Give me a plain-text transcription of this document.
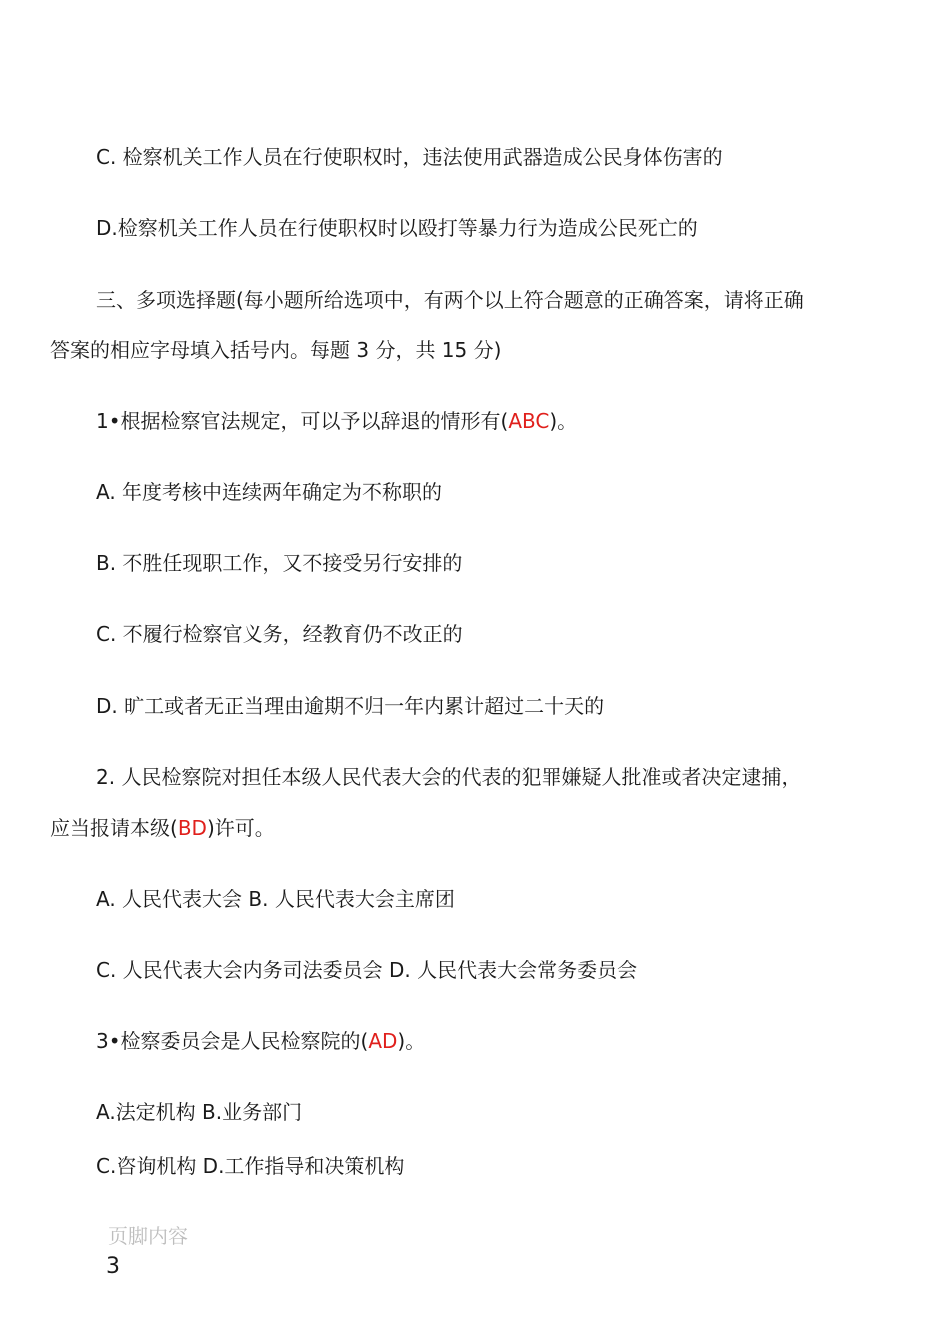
C. 检察机关工作人员在行使职权时，违法使用武器造成公民身体伤害的
D.检察机关工作人员在行使职权时以殴打等暴力行为造成公民死亡的
三、多项选择题(每小题所给选项中，有两个以上符合题意的正确答案，请将正确
答案的相应字母填入括号内。每题 3 分，共 15 分)
1•根据检察官法规定，可以予以辞退的情形有(ABC)。
A. 年度考核中连续两年确定为不称职的
B. 不胜任现职工作，又不接受另行安排的
C. 不履行检察官义务，经教育仍不改正的
D. 旷工或者无正当理由逾期不归一年内累计超过二十天的
2. 人民检察院对担任本级人民代表大会的代表的犯罪嫌疑人批准或者决定逮捕，
应当报请本级(BD)许可。
A. 人民代表大会 B. 人民代表大会主席团
C. 人民代表大会内务司法委员会 D. 人民代表大会常务委员会
3•检察委员会是人民检察院的(AD)。
A.法定机构 B.业务部门
C.咨询机构 D.工作指导和决策机构
页脚内容
3
